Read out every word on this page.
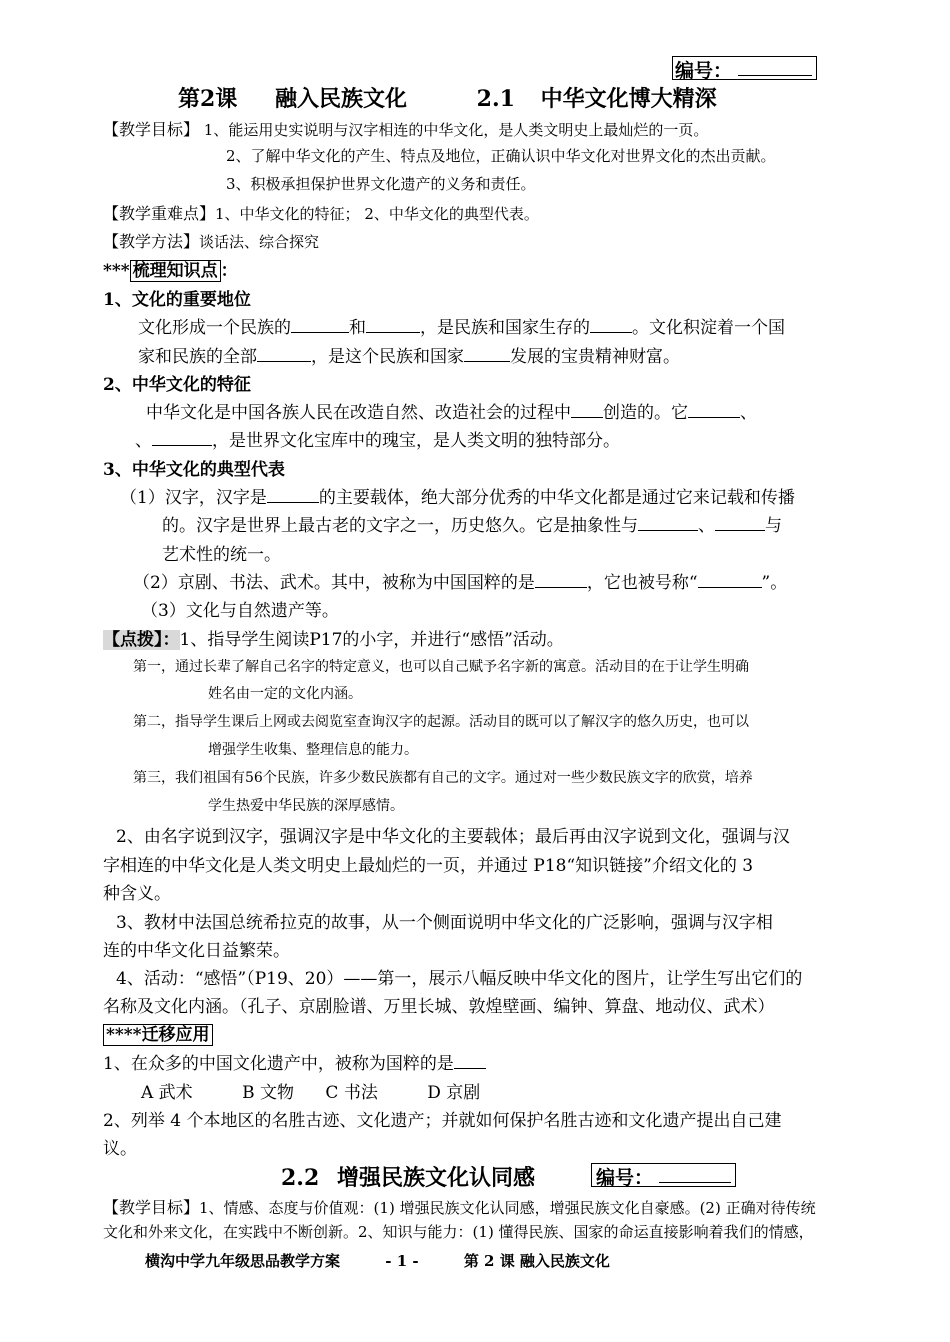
编号：
第2课 融入民族文化	2.1 中华文化博大精深
【教学目标】 1、能运用史实说明与汉字相连的中华文化，是人类文明史上最灿烂的一页。
2、了解中华文化的产生、特点及地位，正确认识中华文化对世界文化的杰出贡献。
3、积极承担保护世界文化遗产的义务和责任。
【教学重难点】1、中华文化的特征； 2、中华文化的典型代表。
【教学方法】谈话法、综合探究
*** 梳理知识点 ：
1、文化的重要地位
文化形成一个民族的	和	，是民族和国家生存的 。文化积淀着一个国
家和民族的全部	，是这个民族和国家	发展的宝贵精神财富。
2、中华文化的特征
中华文化是中国各族人民在改造自然、改造社会的过程中 创造的。它	、
、	，是世界文化宝库中的瑰宝，是人类文明的独特部分。
3、中华文化的典型代表
（1）汉字，汉字是	的主要载体，绝大部分优秀的中华文化都是通过它来记载和传播
的。汉字是世界上最古老的文字之一，历史悠久。它是抽象性与	、	与
艺术性的统一。
（2）京剧、书法、武术。其中，被称为中国国粹的是	，它也被号称“	”。
（3）文化与自然遗产等。
【点拨】：1、指导学生阅读P17的小字，并进行“感悟”活动。
第一，通过长辈了解自己名字的特定意义，也可以自己赋予名字新的寓意。活动目的在于让学生明确
姓名由一定的文化内涵。
第二，指导学生课后上网或去阅览室查询汉字的起源。活动目的既可以了解汉字的悠久历史，也可以
增强学生收集、整理信息的能力。
第三，我们祖国有56个民族，许多少数民族都有自己的文字。通过对一些少数民族文字的欣赏，培养
学生热爱中华民族的深厚感情。
2、由名字说到汉字，强调汉字是中华文化的主要载体；最后再由汉字说到文化，强调与汉
字相连的中华文化是人类文明史上最灿烂的一页，并通过 P18“知识链接”介绍文化的 3
种含义。
3、教材中法国总统希拉克的故事，从一个侧面说明中华文化的广泛影响，强调与汉字相
连的中华文化日益繁荣。
4、活动：“感悟”（P19、20）——第一，展示八幅反映中华文化的图片，让学生写出它们的
名称及文化内涵。（孔子、京剧脸谱、万里长城、敦煌壁画、编钟、算盘、地动仪、武术）
****迁移应用
1、在众多的中国文化遗产中，被称为国粹的是
A 武术	B 文物 C 书法	D 京剧
2、列举 4 个本地区的名胜古迹、文化遗产；并就如何保护名胜古迹和文化遗产提出自己建
议。
2.2 增强民族文化认同感	编号：
【教学目标】1、情感、态度与价值观：(1) 增强民族文化认同感，增强民族文化自豪感。(2) 正确对待传统
文化和外来文化，在实践中不断创新。2、知识与能力：(1) 懂得民族、国家的命运直接影响着我们的情感，
横沟中学九年级思品教学方案	- 1 -	第 2 课 融入民族文化
